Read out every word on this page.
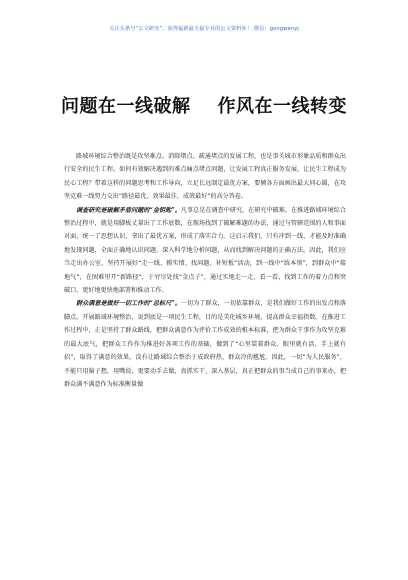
关注头条号“公文研究”，获得最新最全最专业的公文资料库！ 微信：gongwenyj
问题在一线破解    作风在一线转变

路域环境综合整治既是攻坚难点、消除堵点、疏通堵点的发展工程，也是事关城市形象品质和群众出行安全的民生工程。如何有效解决遇到的难点痛点堵点问题，让发展工程真正服务发展，让民生工程成为民心工程？带着这样的问题思考和工作导向，立足长远制定最优方案，要倾各方面画出最大同心圆，在攻坚克难一线努力交出“路径最优、效果最佳、成效最好”的高分答卷。

调查研究是破解矛盾问题的“金钥匙”。凡事总是在调查中研究、在研究中破难。在推进路域环境综合整治过程中，就是用脚板丈量出了工作底数，在现场找到了破解难题的办法，通过与管辖范围的人和事面对面，统一了思想认识，拿出了最优方案，形成了落实合力。这启示我们，只有冲到一线，才能及时准确地发现问题，全面正确地认识问题，深入科学地分析问题，从而找到解决问题的正确方法。因此，我们应当走出办公室，坚持开展好“走一线、摸实情、找问题、补短板”活动，到一线中“练本领”，到群众中“接地气”，在困难里开“新路径”，于穷尽处找“金点子”，通过实地走一走、看一看，找到工作的着力点和突破口，更好地更快地部署和推动工作。

群众满意是做好一切工作的“总标尺”。一切为了群众，一切依靠群众，是我们做好工作的出发点和落脚点。开展路域环境整治，说到底是一项民生工程，目的是美化城乡环境、提高群众幸福指数。在推进工作过程中，正是坚持了群众路线，把群众满意作为评价工作成效的根本标准，把为群众干事作为攻坚克难的最大底气，把群众工作作为推进好各项工作的基础，做到了“心里装着群众、眼里就有活、手上就有招”，取得了满意的效果，没有让路域综合整治于成政府热，群众冷的尴尬。因此，一切“为人民服务”，不能只用脑子想，用嘴说，更要动手去做，真抓实干、深入基层，真正把群众的事当成自己的事来办，把群众满不满意作为标准衡量做
